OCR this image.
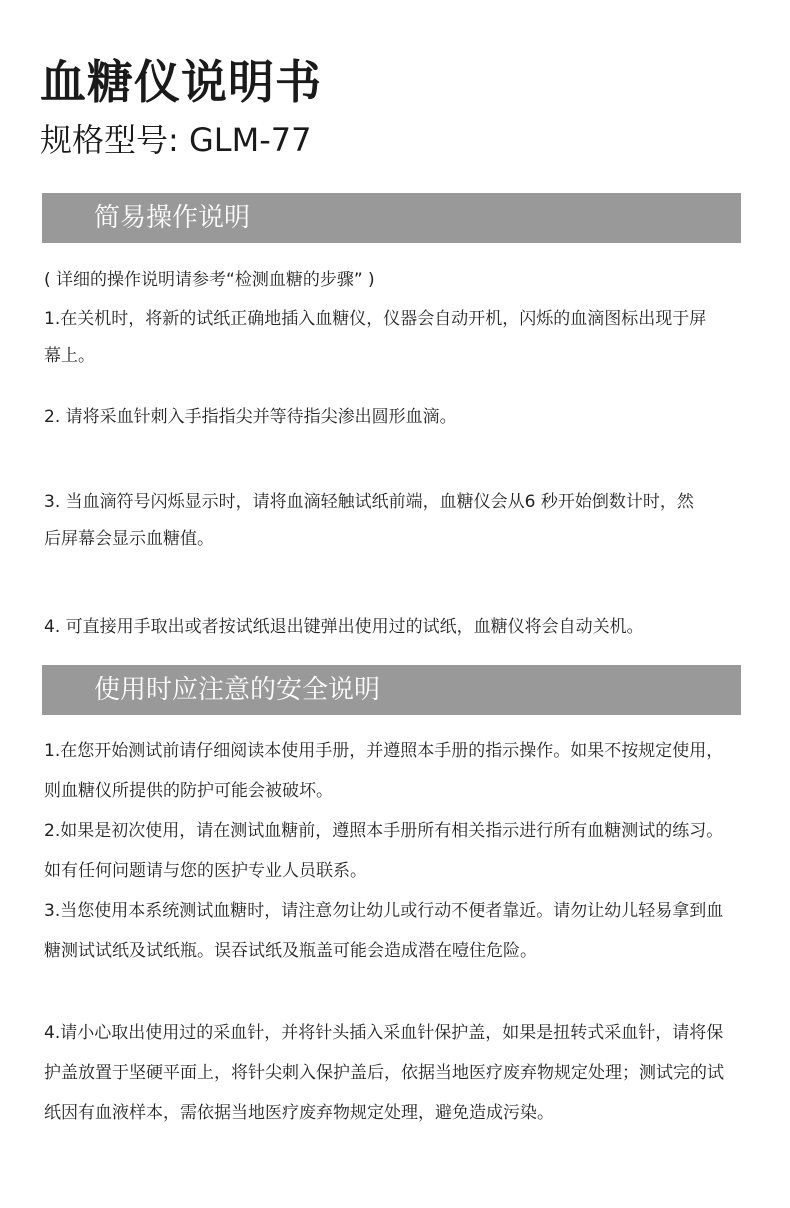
血糖仪说明书
规格型号: GLM-77
简易操作说明
( 详细的操作说明请参考“检测血糖的步骤” )
1.在关机时，将新的试纸正确地插入血糖仪，仪器会自动开机，闪烁的血滴图标出现于屏幕上。
2. 请将采血针刺入手指指尖并等待指尖渗出圆形血滴。
3. 当血滴符号闪烁显示时，请将血滴轻触试纸前端，血糖仪会从6 秒开始倒数计时，然后屏幕会显示血糖值。
4. 可直接用手取出或者按试纸退出键弹出使用过的试纸，血糖仪将会自动关机。
使用时应注意的安全说明
1.在您开始测试前请仔细阅读本使用手册，并遵照本手册的指示操作。如果不按规定使用，则血糖仪所提供的防护可能会被破坏。
2.如果是初次使用，请在测试血糖前，遵照本手册所有相关指示进行所有血糖测试的练习。如有任何问题请与您的医护专业人员联系。
3.当您使用本系统测试血糖时，请注意勿让幼儿或行动不便者靠近。请勿让幼儿轻易拿到血糖测试试纸及试纸瓶。误吞试纸及瓶盖可能会造成潜在噎住危险。
4.请小心取出使用过的采血针，并将针头插入采血针保护盖，如果是扭转式采血针，请将保护盖放置于坚硬平面上，将针尖刺入保护盖后，依据当地医疗废弃物规定处理；测试完的试纸因有血液样本，需依据当地医疗废弃物规定处理，避免造成污染。
